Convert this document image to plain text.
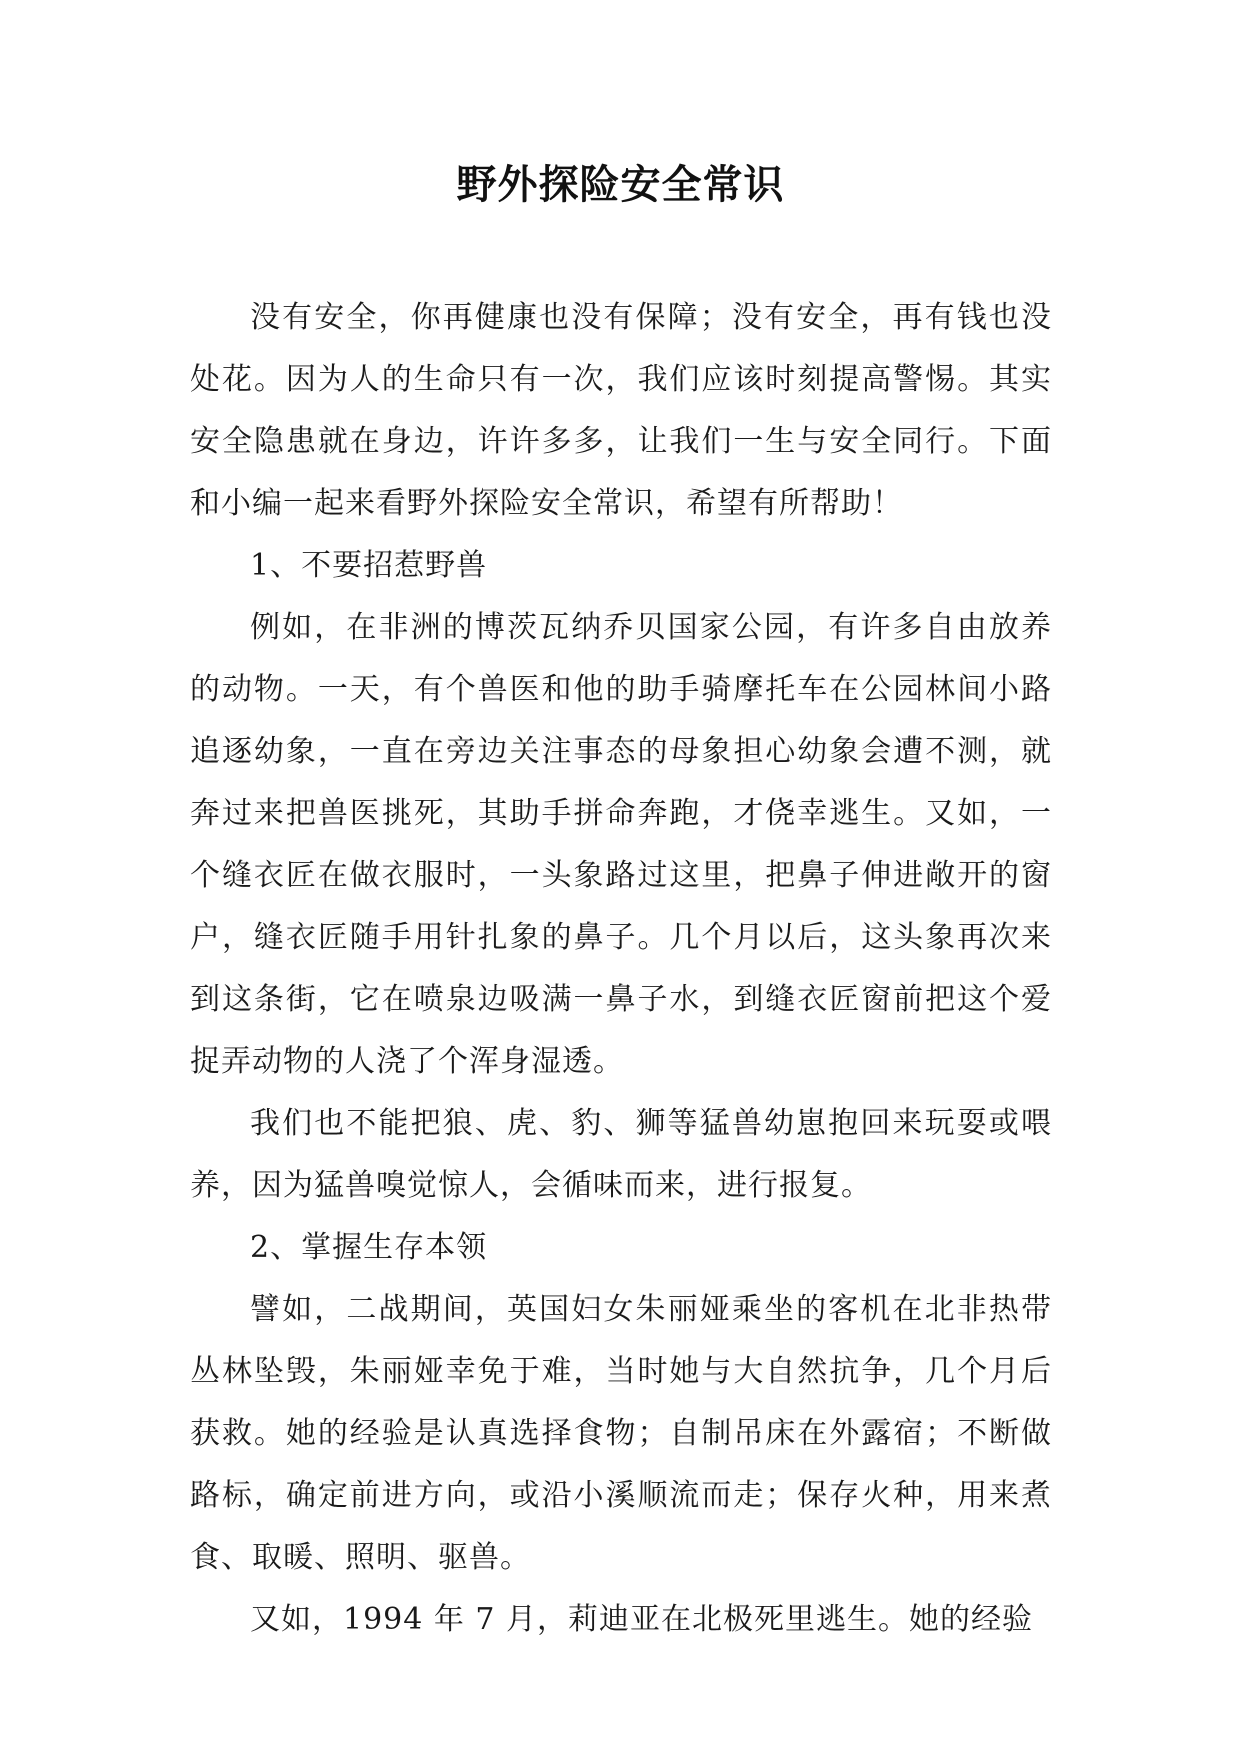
野外探险安全常识

没有安全，你再健康也没有保障；没有安全，再有钱也没处花。因为人的生命只有一次，我们应该时刻提高警惕。其实安全隐患就在身边，许许多多，让我们一生与安全同行。下面和小编一起来看野外探险安全常识，希望有所帮助！

1、不要招惹野兽

例如，在非洲的博茨瓦纳乔贝国家公园，有许多自由放养的动物。一天，有个兽医和他的助手骑摩托车在公园林间小路追逐幼象，一直在旁边关注事态的母象担心幼象会遭不测，就奔过来把兽医挑死，其助手拼命奔跑，才侥幸逃生。又如，一个缝衣匠在做衣服时，一头象路过这里，把鼻子伸进敞开的窗户，缝衣匠随手用针扎象的鼻子。几个月以后，这头象再次来到这条街，它在喷泉边吸满一鼻子水，到缝衣匠窗前把这个爱捉弄动物的人浇了个浑身湿透。

我们也不能把狼、虎、豹、狮等猛兽幼崽抱回来玩耍或喂养，因为猛兽嗅觉惊人，会循味而来，进行报复。

2、掌握生存本领

譬如，二战期间，英国妇女朱丽娅乘坐的客机在北非热带丛林坠毁，朱丽娅幸免于难，当时她与大自然抗争，几个月后获救。她的经验是认真选择食物；自制吊床在外露宿；不断做路标，确定前进方向，或沿小溪顺流而走；保存火种，用来煮食、取暖、照明、驱兽。

又如，1994 年 7 月，莉迪亚在北极死里逃生。她的经验
